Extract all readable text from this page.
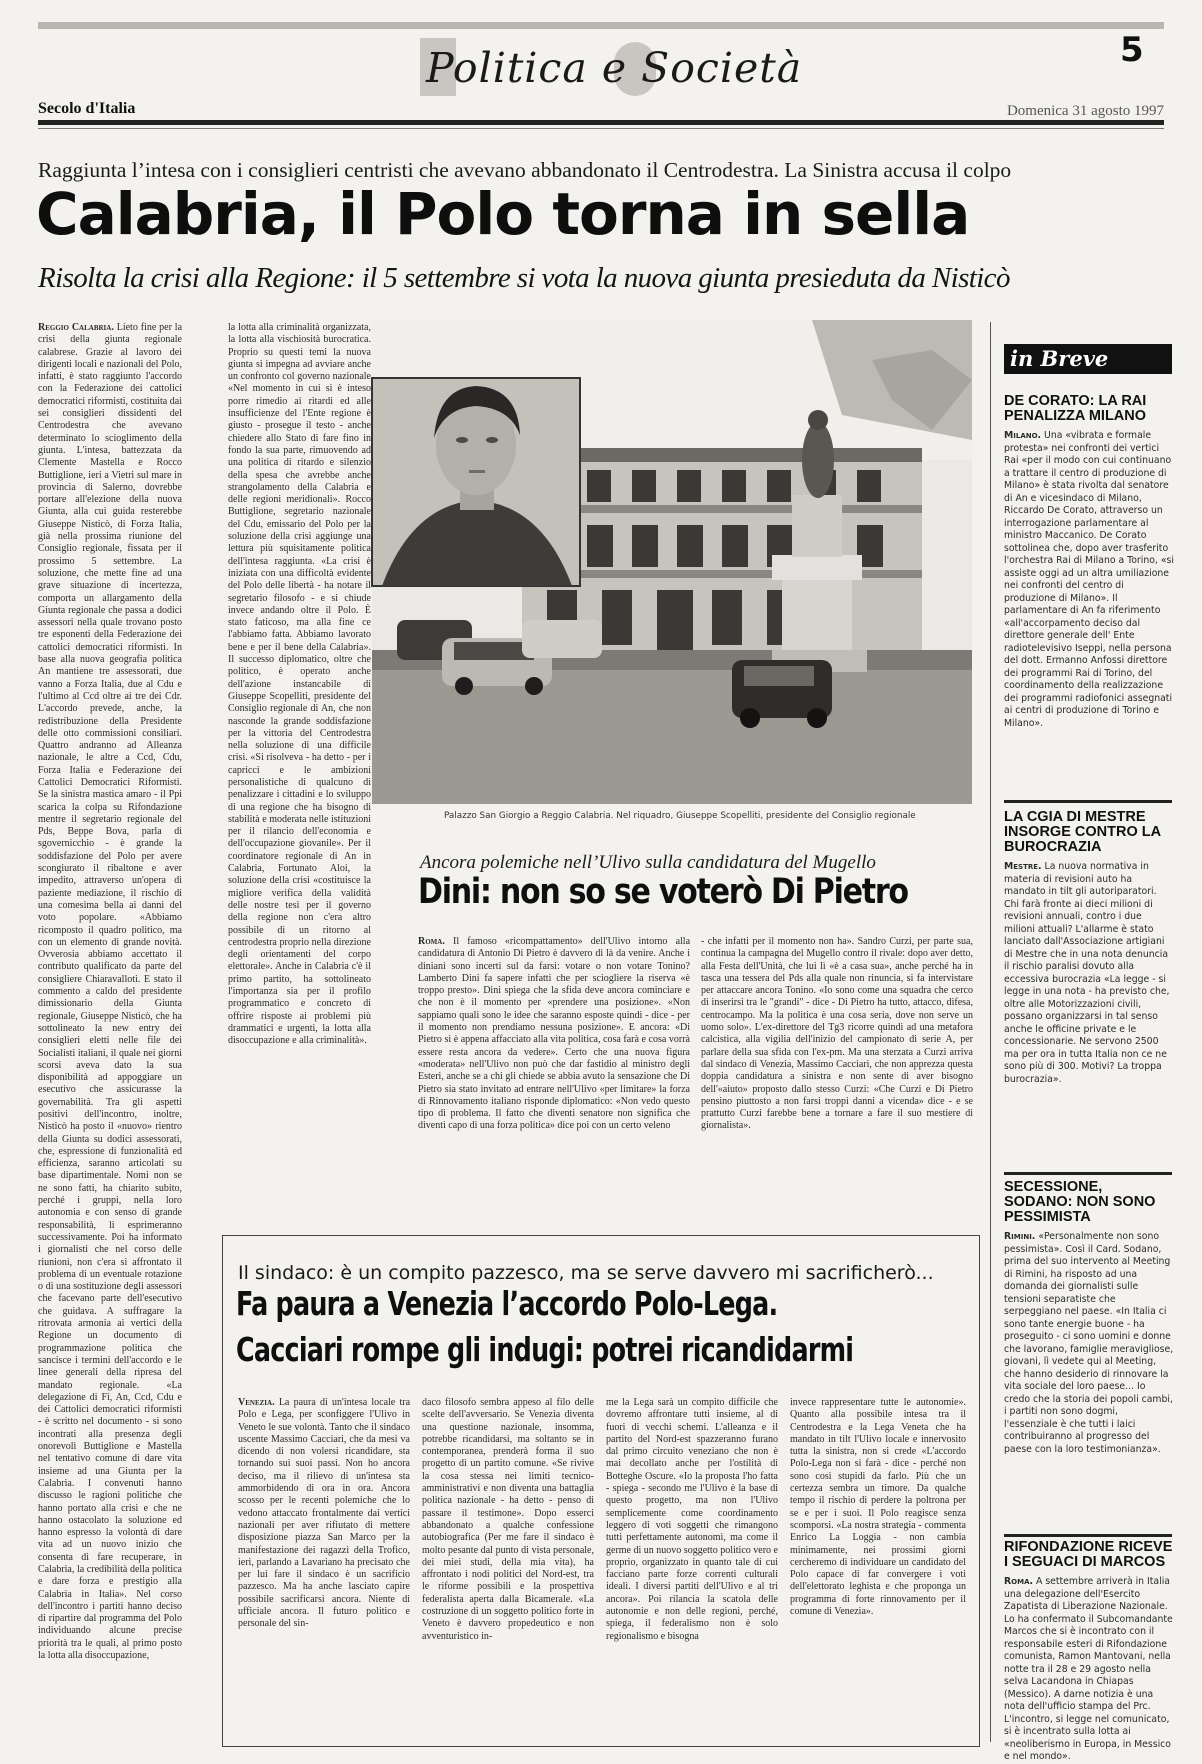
Politica e Società	5
Secolo d'Italia	Domenica 31 agosto 1997
Raggiunta l’intesa con i consiglieri centristi che avevano abbandonato il Centrodestra. La Sinistra accusa il colpo
Calabria, il Polo torna in sella
Risolta la crisi alla Regione: il 5 settembre si vota la nuova giunta presieduta da Nisticò

Reggio Calabria. Lieto fine per la crisi della giunta regionale calabrese. Grazie al lavoro dei dirigenti locali e nazionali del Polo, infatti, è stato raggiunto l'accordo con la Federazione dei cattolici democratici riformisti, costituita dai sei consiglieri dissidenti del Centrodestra che avevano determinato lo scioglimento della giunta. L'intesa, battezzata da Clemente Mastella e Rocco Buttiglione, ieri a Vietri sul mare in provincia di Salerno, dovrebbe portare all'elezione della nuova Giunta, alla cui guida resterebbe Giuseppe Nisticò, di Forza Italia, già nella prossima riunione del Consiglio regionale, fissata per il prossimo 5 settembre. La soluzione, che mette fine ad una grave situazione di incertezza, comporta un allargamento della Giunta regionale che passa a dodici assessori nella quale trovano posto tre esponenti della Federazione dei cattolici democratici riformisti. In base alla nuova geografia politica An mantiene tre assessorati, due vanno a Forza Italia, due al Cdu e l'ultimo al Ccd oltre ai tre dei Cdr. L'accordo prevede, anche, la redistribuzione della Presidente delle otto commissioni consiliari. Quattro andranno ad Alleanza nazionale, le altre a Ccd, Cdu, Forza Italia e Federazione dei Cattolici Democratici Riformisti. Se la sinistra mastica amaro - il Ppi scarica la colpa su Rifondazione mentre il segretario regionale del Pds, Beppe Bova, parla di sgovernicchio - è grande la soddisfazione del Polo per avere scongiurato il ribaltone e aver impedito, attraverso un'opera di paziente mediazione, il rischio di una comesima bella ai danni del voto popolare. «Abbiamo ricomposto il quadro politico, ma con un elemento di grande novità. Ovverosia abbiamo accettato il contributo qualificato da parte del consigliere Chiaravalloti. E stato il commento a caldo del presidente dimissionario della Giunta regionale, Giuseppe Nisticò, che ha sottolineato la new entry dei consiglieri eletti nelle file dei Socialisti italiani, il quale nei giorni scorsi aveva dato la sua disponibilità ad appoggiare un esecutivo che assicurasse la governabilità. Tra gli aspetti positivi dell'incontro, inoltre, Nisticò ha posto il «nuovo» rientro della Giunta su dodici assessorati, che, espressione di funzionalità ed efficienza, saranno articolati su base dipartimentale. Nomi non se ne sono fatti, ha chiarito subito, perché i gruppi, nella loro autonomia e con senso di grande responsabilità, li esprimeranno successivamente. Poi ha informato i giornalisti che nel corso delle riunioni, non c'era si affrontato il problema di un eventuale rotazione o di una sostituzione degli assessori che facevano parte dell'esecutivo che guidava. A suffragare la ritrovata armonia ai vertici della Regione un documento di programmazione politica che sancisce i termini dell'accordo e le linee generali della ripresa del mandato regionale. «La delegazione di Fi, An, Ccd, Cdu e dei Cattolici democratici riformisti - è scritto nel documento - si sono incontrati alla presenza degli onorevoli Buttiglione e Mastella nel tentativo comune di dare vita insieme ad una Giunta per la Calabria. I convenuti hanno discusso le ragioni politiche che hanno portato alla crisi e che ne hanno ostacolato la soluzione ed hanno espresso la volontà di dare vita ad un nuovo inizio che consenta di fare recuperare, in Calabria, la credibilità della politica e dare forza e prestigio alla Calabria in Italia». Nel corso dell'incontro i partiti hanno deciso di ripartire dal programma del Polo individuando alcune precise priorità tra le quali, al primo posto la lotta alla disoccupazione,

la lotta alla criminalità organizzata, la lotta alla vischiosità burocratica. Proprio su questi temi la nuova giunta si impegna ad avviare anche un confronto col governo nazionale «Nel momento in cui si è inteso porre rimedio ai ritardi ed alle insufficienze del l'Ente regione è giusto - prosegue il testo - anche chiedere allo Stato di fare fino in fondo la sua parte, rimuovendo ad una politica di ritardo e silenzio della spesa che avrebbe anche strangolamento della Calabria e delle regioni meridionali». Rocco Buttiglione, segretario nazionale del Cdu, emissario del Polo per la soluzione della crisi aggiunge una lettura più squisitamente politica dell'intesa raggiunta. «La crisi è iniziata con una difficoltà evidente del Polo delle libertà - ha notare il segretario filosofo - e si chiude invece andando oltre il Polo. È stato faticoso, ma alla fine ce l'abbiamo fatta. Abbiamo lavorato bene e per il bene della Calabria». Il successo diplomatico, oltre che politico, è operato anche dell'azione instancabile di Giuseppe Scopelliti, presidente del Consiglio regionale di An, che non nasconde la grande soddisfazione per la vittoria del Centrodestra nella soluzione di una difficile crisi. «Si risolveva - ha detto - per i capricci e le ambizioni personalistiche di qualcuno di penalizzare i cittadini e lo sviluppo di una regione che ha bisogno di stabilità e moderata nelle istituzioni per il rilancio dell'economia e dell'occupazione giovanile». Per il coordinatore regionale di An in Calabria, Fortunato Aloi, la soluzione della crisi «costituisce la migliore verifica della validità delle nostre tesi per il governo della regione non c'era altro possibile di un ritorno al centrodestra proprio nella direzione degli orientamenti del corpo elettorale». Anche in Calabria c'è il primo partito, ha sottolineato l'importanza sia per il profilo programmatico e concreto di offrire risposte ai problemi più drammatici e urgenti, la lotta alla disoccupazione e alla criminalità».

Palazzo San Giorgio a Reggio Calabria. Nel riquadro, Giuseppe Scopelliti, presidente del Consiglio regionale
Ancora polemiche nell’Ulivo sulla candidatura del Mugello
Dini: non so se voterò Di Pietro

Roma. Il famoso «ricompattamento» dell'Ulivo intorno alla candidatura di Antonio Di Pietro è davvero di là da venire. Anche i diniani sono incerti sul da farsi: votare o non votare Tonino? Lamberto Dini fa sapere infatti che per sciogliere la riserva «è troppo presto». Dini spiega che la sfida deve ancora cominciare e che non è il momento per «prendere una posizione». «Non sappiamo quali sono le idee che saranno esposte quindi - dice - per il momento non prendiamo nessuna posizione». E ancora: «Di Pietro si è appena affacciato alla vita politica, cosa farà e cosa vorrà essere resta ancora da vedere». Certo che una nuova figura «moderata» nell'Ulivo non può che dar fastidio al ministro degli Esteri, anche se a chi gli chiede se abbia avuto la sensazione che Di Pietro sia stato invitato ad entrare nell'Ulivo «per limitare» la forza di Rinnovamento italiano risponde diplomatico: «Non vedo questo tipo di problema. Il fatto che diventi senatore non significa che diventi capo di una forza politica» dice poi con un certo veleno

- che infatti per il momento non ha». Sandro Curzi, per parte sua, continua la campagna del Mugello contro il rivale: dopo aver detto, alla Festa dell'Unità, che lui lì «è a casa sua», anche perché ha in tasca una tessera del Pds alla quale non rinuncia, si fa intervistare per attaccare ancora Tonino. «Io sono come una squadra che cerco di inserirsi tra le "grandi" - dice - Di Pietro ha tutto, attacco, difesa, centrocampo. Ma la politica è una cosa seria, dove non serve un uomo solo». L'ex-direttore del Tg3 ricorre quindi ad una metafora calcistica, alla vigilia dell'inizio del campionato di serie A, per parlare della sua sfida con l'ex-pm. Ma una sterzata a Curzi arriva dal sindaco di Venezia, Massimo Cacciari, che non apprezza questa doppia candidatura a sinistra e non sente di aver bisogno dell'«aiuto» proposto dallo stesso Curzi: «Che Curzi e Di Pietro pensino piuttosto a non farsi troppi danni a vicenda» dice - e se prattutto Curzi farebbe bene a tornare a fare il suo mestiere di giornalista».

Il sindaco: è un compito pazzesco, ma se serve davvero mi sacrificherò...
Fa paura a Venezia l’accordo Polo-Lega.
Cacciari rompe gli indugi: potrei ricandidarmi

Venezia. La paura di un'intesa locale tra Polo e Lega, per sconfiggere l'Ulivo in Veneto le sue volontà. Tanto che il sindaco uscente Massimo Cacciari, che da mesi va dicendo di non volersi ricandidare, sta tornando sui suoi passi. Non ho ancora deciso, ma il rilievo di un'intesa sta ammorbidendo di ora in ora. Ancora scosso per le recenti polemiche che lo vedono attaccato frontalmente dai vertici nazionali per aver rifiutato di mettere disposizione piazza San Marco per la manifestazione dei ragazzi della Trofico, ieri, parlando a Lavariano ha precisato che per lui fare il sindaco è un sacrificio pazzesco. Ma ha anche lasciato capire possibile sacrificarsi ancora. Niente di ufficiale ancora. Il futuro politico e personale del sin-

daco filosofo sembra appeso al filo delle scelte dell'avversario. Se Venezia diventa una questione nazionale, insomma, potrebbe ricandidarsi, ma soltanto se in contemporanea, prenderà forma il suo progetto di un partito comune. «Se rivive la cosa stessa nei limiti tecnico-amministrativi e non diventa una battaglia politica nazionale - ha detto - penso di passare il testimone». Dopo esserci abbandonato a qualche confessione autobiografica (Per me fare il sindaco è molto pesante dal punto di vista personale, dei miei studi, della mia vita), ha affrontato i nodi politici del Nord-est, tra le riforme possibili e la prospettiva federalista aperta dalla Bicamerale. «La costruzione di un soggetto politico forte in Veneto è davvero propedeutico e non avventuristico in-

me la Lega sarà un compito difficile che dovremo affrontare tutti insieme, al di fuori di vecchi schemi. L'alleanza e il partito del Nord-est spazzeranno furano dal primo circuito veneziano che non è mai decollato anche per l'ostilità di Botteghe Oscure. «Io la proposta l'ho fatta - spiega - secondo me l'Ulivo è la base di questo progetto, ma non l'Ulivo semplicemente come coordinamento leggero di voti soggetti che rimangono tutti perfettamente autonomi, ma come il germe di un nuovo soggetto politico vero e proprio, organizzato in quanto tale di cui facciano parte forze correnti culturali ideali. I diversi partiti dell'Ulivo e al tri ancora». Poi rilancia la scatola delle autonomie e non delle regioni, perché, spiega, il federalismo non è solo regionalismo e bisogna

invece rappresentare tutte le autonomie». Quanto alla possibile intesa tra il Centrodestra e la Lega Veneta che ha mandato in tilt l'Ulivo locale e innervosito tutta la sinistra, non si crede «L'accordo Polo-Lega non si farà - dice - perché non sono così stupidi da farlo. Più che un certezza sembra un timore. Da qualche tempo il rischio di perdere la poltrona per se e per i suoi. Il Polo reagisce senza scomporsi. «La nostra strategia - commenta Enrico La Loggia - non cambia minimamente, nei prossimi giorni cercheremo di individuare un candidato del Polo capace di far convergere i voti dell'elettorato leghista e che proponga un programma di forte rinnovamento per il comune di Venezia».

in Breve
DE CORATO: LA RAI PENALIZZA MILANO

Milano. Una «vibrata e formale protesta» nei confronti dei vertici Rai «per il modo con cui continuano a trattare il centro di produzione di Milano» è stata rivolta dal senatore di An e vicesindaco di Milano, Riccardo De Corato, attraverso un interrogazione parlamentare al ministro Maccanico. De Corato sottolinea che, dopo aver trasferito l'orchestra Rai di Milano a Torino, «si assiste oggi ad un altra umiliazione nei confronti del centro di produzione di Milano». Il parlamentare di An fa riferimento «all'accorpamento deciso dal direttore generale dell' Ente radiotelevisivo Iseppi, nella persona del dott. Ermanno Anfossi direttore dei programmi Rai di Torino, del coordinamento della realizzazione dei programmi radiofonici assegnati ai centri di produzione di Torino e Milano».

LA CGIA DI MESTRE INSORGE CONTRO LA BUROCRAZIA

Mestre. La nuova normativa in materia di revisioni auto ha mandato in tilt gli autoriparatori. Chi farà fronte ai dieci milioni di revisioni annuali, contro i due milioni attuali? L'allarme è stato lanciato dall'Associazione artigiani di Mestre che in una nota denuncia il rischio paralisi dovuto alla eccessiva burocrazia «La legge - si legge in una nota - ha previsto che, oltre alle Motorizzazioni civili, possano organizzarsi in tal senso anche le officine private e le concessionarie. Ne servono 2500 ma per ora in tutta Italia non ce ne sono più di 300. Motivi? La troppa burocrazia».

SECESSIONE, SODANO: NON SONO PESSIMISTA

Rimini. «Personalmente non sono pessimista». Così il Card. Sodano, prima del suo intervento al Meeting di Rimini, ha risposto ad una domanda dei giornalisti sulle tensioni separatiste che serpeggiano nel paese. «In Italia ci sono tante energie buone - ha proseguito - ci sono uomini e donne che lavorano, famiglie meravigliose, giovani, lì vedete qui al Meeting, che hanno desiderio di rinnovare la vita sociale del loro paese... Io credo che la storia dei popoli cambi, i partiti non sono dogmi, l'essenziale è che tutti i laici contribuiranno al progresso del paese con la loro testimonianza».

RIFONDAZIONE RICEVE I SEGUACI DI MARCOS

Roma. A settembre arriverà in Italia una delegazione dell'Esercito Zapatista di Liberazione Nazionale. Lo ha confermato il Subcomandante Marcos che si è incontrato con il responsabile esteri di Rifondazione comunista, Ramon Mantovani, nella notte tra il 28 e 29 agosto nella selva Lacandona in Chiapas (Messico). A darne notizia è una nota dell'ufficio stampa del Prc. L'incontro, si legge nel comunicato, si è incentrato sulla lotta ai «neoliberismo in Europa, in Messico e nel mondo».
